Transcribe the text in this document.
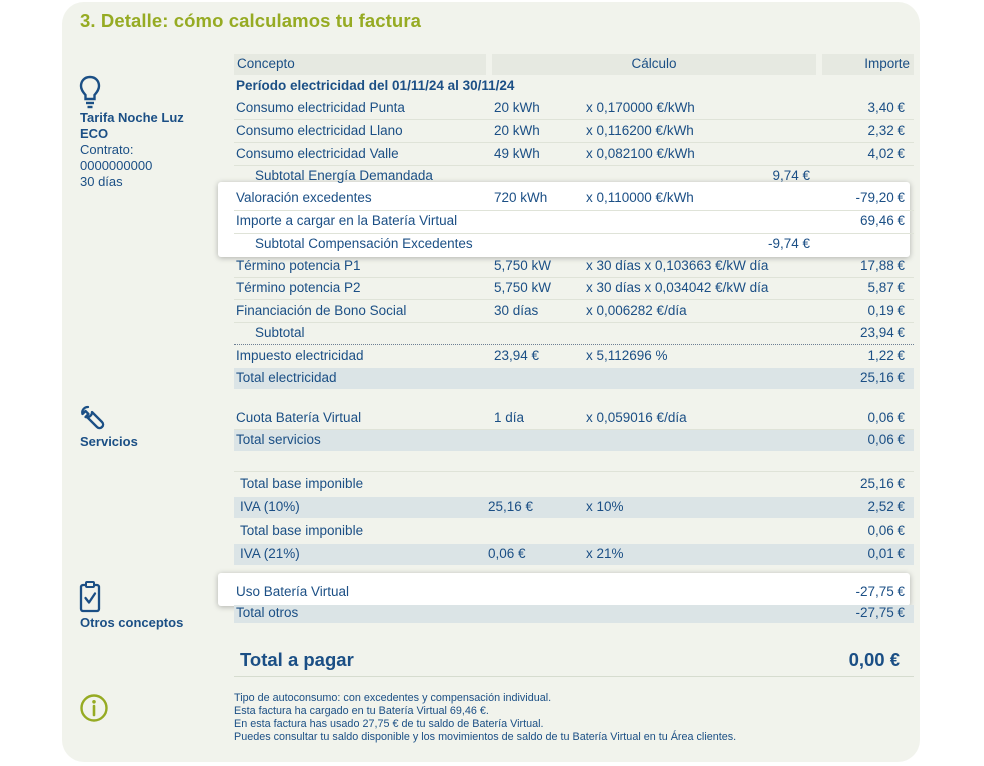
3. Detalle: cómo calculamos tu factura
Tarifa Noche Luz
ECO
Contrato:
0000000000
30 días
Servicios
Otros conceptos
Concepto	Cálculo	Importe
Período electricidad del 01/11/24 al 30/11/24
Consumo electricidad Punta	20 kWh	x 0,170000 €/kWh	3,40 €
Consumo electricidad Llano	20 kWh	x 0,116200 €/kWh	2,32 €
Consumo electricidad Valle	49 kWh	x 0,082100 €/kWh	4,02 €
Subtotal Energía Demandada	9,74 €
Valoración excedentes	720 kWh	x 0,110000 €/kWh	-79,20 €
Importe a cargar en la Batería Virtual	69,46 €
Subtotal Compensación Excedentes	-9,74 €
Término potencia P1	5,750 kW	x 30 días x 0,103663 €/kW día	17,88 €
Término potencia P2	5,750 kW	x 30 días x 0,034042 €/kW día	5,87 €
Financiación de Bono Social	30 días	x 0,006282 €/día	0,19 €
Subtotal	23,94 €
Impuesto electricidad	23,94 €	x 5,112696 %	1,22 €
Total electricidad	25,16 €
Cuota Batería Virtual	1 día	x 0,059016 €/día	0,06 €
Total servicios	0,06 €
Total base imponible	25,16 €
IVA (10%)	25,16 €	x 10%	2,52 €
Total base imponible	0,06 €
IVA (21%)	0,06 €	x 21%	0,01 €
Uso Batería Virtual	-27,75 €
Total otros	-27,75 €
Total a pagar	0,00 €
Tipo de autoconsumo: con excedentes y compensación individual.
Esta factura ha cargado en tu Batería Virtual 69,46 €.
En esta factura has usado 27,75 € de tu saldo de Batería Virtual.
Puedes consultar tu saldo disponible y los movimientos de saldo de tu Batería Virtual en tu Área clientes.
